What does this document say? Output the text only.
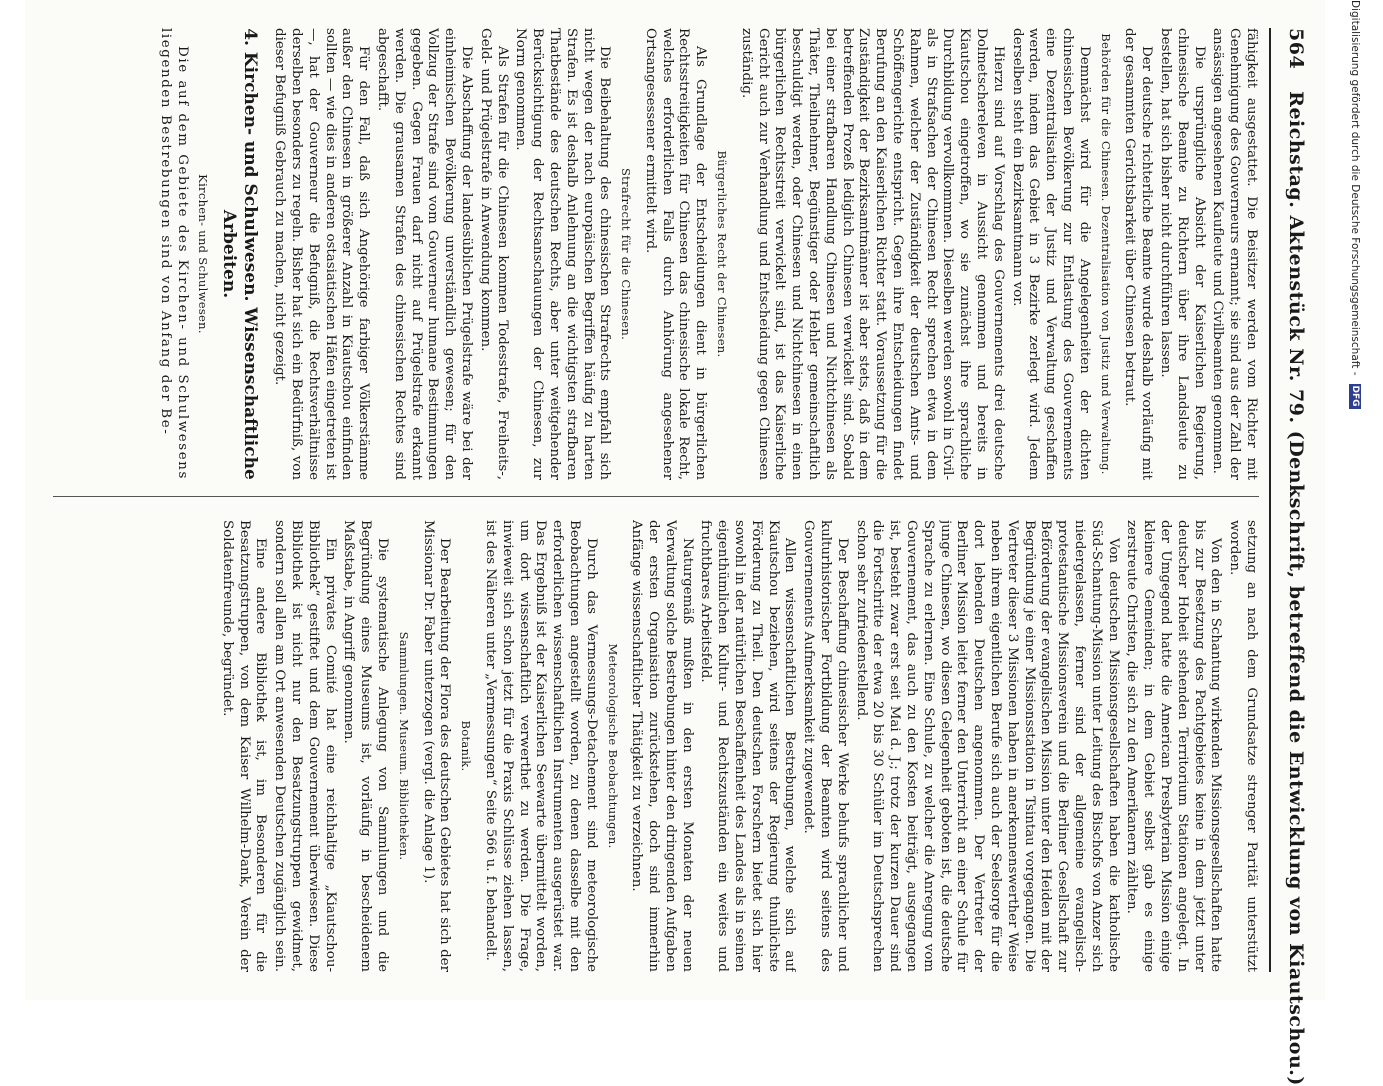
564
Reichstag. Aktenstück Nr. 79. (Denkschrift, betreffend die Entwicklung von Kiautschou.)

fähigkeit ausgestattet. Die Beisitzer werden vom Richter mit Genehmigung des Gouverneurs ernannt; sie sind aus der Zahl der ansässigen angesehenen Kaufleute und Civilbeamten genommen.

Die ursprüngliche Absicht der Kaiserlichen Regierung, chinesische Beamte zu Richtern über ihre Landsleute zu bestellen, hat sich bisher nicht durchführen lassen.

Der deutsche richterliche Beamte wurde deshalb vorläufig mit der gesammten Gerichtsbarkeit über Chinesen betraut.

Behörden für die Chinesen. Dezentralisation von Justiz und Verwaltung.

Demnächst wird für die Angelegenheiten der dichten chinesischen Bevölkerung zur Entlastung des Gouvernements eine Dezentralisation der Justiz und Verwaltung geschaffen werden, indem das Gebiet in 3 Bezirke zerlegt wird. Jedem derselben steht ein Bezirksamtmann vor.

Hierzu sind auf Vorschlag des Gouvernements drei deutsche Dolmetschereleven in Aussicht genommen und bereits in Kiautschou eingetroffen, wo sie zunächst ihre sprachliche Durchbildung vervollkommnen. Dieselben werden sowohl in Civil- als in Strafsachen der Chinesen Recht sprechen etwa in dem Rahmen, welcher der Zuständigkeit der deutschen Amts- und Schöffengerichte entspricht. Gegen ihre Entscheidungen findet Berufung an den Kaiserlichen Richter statt. Voraussetzung für die Zuständigkeit der Bezirksamtmänner ist aber stets, daß in dem betreffenden Prozeß lediglich Chinesen verwickelt sind. Sobald bei einer strafbaren Handlung Chinesen und Nichtchinesen als Thäter, Theilnehmer, Begünstiger oder Hehler gemeinschaftlich beschuldigt werden, oder Chinesen und Nichtchinesen in einen bürgerlichen Rechtsstreit verwickelt sind, ist das Kaiserliche Gericht auch zur Verhandlung und Entscheidung gegen Chinesen zuständig.

Bürgerliches Recht der Chinesen.

Als Grundlage der Entscheidungen dient in bürgerlichen Rechtsstreitigkeiten für Chinesen das chinesische lokale Recht, welches erforderlichen Falls durch Anhörung angesehener Ortsangesessener ermittelt wird.

Strafrecht für die Chinesen.

Die Beibehaltung des chinesischen Strafrechts empfahl sich nicht wegen der nach europäischen Begriffen häufig zu harten Strafen. Es ist deshalb Anlehnung an die wichtigsten strafbaren Thatbestände des deutschen Rechts, aber unter weitgehender Berücksichtigung der Rechtsanschauungen der Chinesen, zur Norm genommen.

Als Strafen für die Chinesen kommen Todesstrafe, Freiheits-, Geld- und Prügelstrafe in Anwendung kommen.

Die Abschaffung der landesüblichen Prügelstrafe wäre bei der einheimischen Bevölkerung unverständlich gewesen; für den Vollzug der Strafe sind vom Gouverneur humane Bestimmungen gegeben. Gegen Frauen darf nicht auf Prügelstrafe erkannt werden. Die grausamen Strafen des chinesischen Rechtes sind abgeschafft.

Für den Fall, daß sich Angehörige farbiger Völkerstämme außer den Chinesen in größerer Anzahl in Kiautschou einfinden sollten — wie dies in anderen ostasiatischen Häfen eingetreten ist —, hat der Gouverneur die Befugniß, die Rechtsverhältnisse derselben besonders zu regeln. Bisher hat sich ein Bedürfniß, von dieser Befugniß Gebrauch zu machen, nicht gezeigt.

4. Kirchen- und Schulwesen. Wissenschaftliche Arbeiten.
Kirchen- und Schulwesen.

Die auf dem Gebiete des Kirchen- und Schulwesens liegenden Bestrebungen sind von Anfang der Be-

setzung an nach dem Grundsatze strenger Parität unterstützt worden.

Von den in Schantung wirkenden Missionsgesellschaften hatte bis zur Besetzung des Pachtgebietes keine in dem jetzt unter deutscher Hoheit stehenden Territorium Stationen angelegt. In der Umgegend hatte die American Presbyterian Mission einige kleinere Gemeinden; in dem Gebiet selbst gab es einige zerstreute Christen, die sich zu den Amerikanern zählten.

Von deutschen Missionsgesellschaften haben die katholische Süd-Schantung-Mission unter Leitung des Bischofs von Anzer sich niedergelassen, ferner sind der allgemeine evangelisch-protestantische Missionsverein und die Berliner Gesellschaft zur Beförderung der evangelischen Mission unter den Heiden mit der Begründung je einer Missionsstation in Tsintau vorgegangen. Die Vertreter dieser 3 Missionen haben in anerkennenswerther Weise neben ihrem eigentlichen Berufe sich auch der Seelsorge für die dort lebenden Deutschen angenommen. Der Vertreter der Berliner Mission leitet ferner den Unterricht an einer Schule für junge Chinesen, wo diesen Gelegenheit geboten ist, die deutsche Sprache zu erlernen. Eine Schule, zu welcher die Anregung vom Gouvernement, das auch zu den Kosten beiträgt, ausgegangen ist, besteht zwar erst seit Mai d. J.; trotz der kurzen Dauer sind die Fortschritte der etwa 20 bis 30 Schüler im Deutschsprechen schon sehr zufriedenstellend.

Der Beschaffung chinesischer Werke behufs sprachlicher und kulturhistorischer Fortbildung der Beamten wird seitens des Gouvernements Aufmerksamkeit zugewendet.

Allen wissenschaftlichen Bestrebungen, welche sich auf Kiautschou beziehen, wird seitens der Regierung thunlichste Förderung zu Theil. Den deutschen Forschern bietet sich hier sowohl in der natürlichen Beschaffenheit des Landes als in seinen eigenthümlichen Kultur- und Rechtszuständen ein weites und fruchtbares Arbeitsfeld.

Naturgemäß mußten in den ersten Monaten der neuen Verwaltung solche Bestrebungen hinter den dringenden Aufgaben der ersten Organisation zurückstehen, doch sind immerhin Anfänge wissenschaftlicher Thätigkeit zu verzeichnen.

Meteorologische Beobachtungen.

Durch das Vermessungs-Detachement sind meteorologische Beobachtungen angestellt worden, zu denen dasselbe mit den erforderlichen wissenschaftlichen Instrumenten ausgerüstet war. Das Ergebniß ist der Kaiserlichen Seewarte übermittelt worden, um dort wissenschaftlich verwerthet zu werden. Die Frage, inwieweit sich schon jetzt für die Praxis Schlüsse ziehen lassen, ist des Näheren unter „Vermessungen“ Seite 566 u. f. behandelt.

Botanik.

Der Bearbeitung der Flora des deutschen Gebietes hat sich der Missionar Dr. Faber unterzogen (vergl. die Anlage 1).

Sammlungen. Museum. Bibliotheken.

Die systematische Anlegung von Sammlungen und die Begründung eines Museums ist, vorläufig in bescheidenem Maßstabe, in Angriff genommen.

Ein privates Comité hat eine reichhaltige „Kiautschou-Bibliothek“ gestiftet und dem Gouvernement überwiesen. Diese Bibliothek ist nicht nur den Besatzungstruppen gewidmet, sondern soll allen am Ort anwesenden Deutschen zugänglich sein.

Eine andere Bibliothek ist, im Besonderen für die Besatzungstruppen, von dem Kaiser Wilhelm-Dank, Verein der Soldatenfreunde, begründet.

Digitalisierung gefördert durch die Deutsche Forschungsgemeinschaft -
DFG
